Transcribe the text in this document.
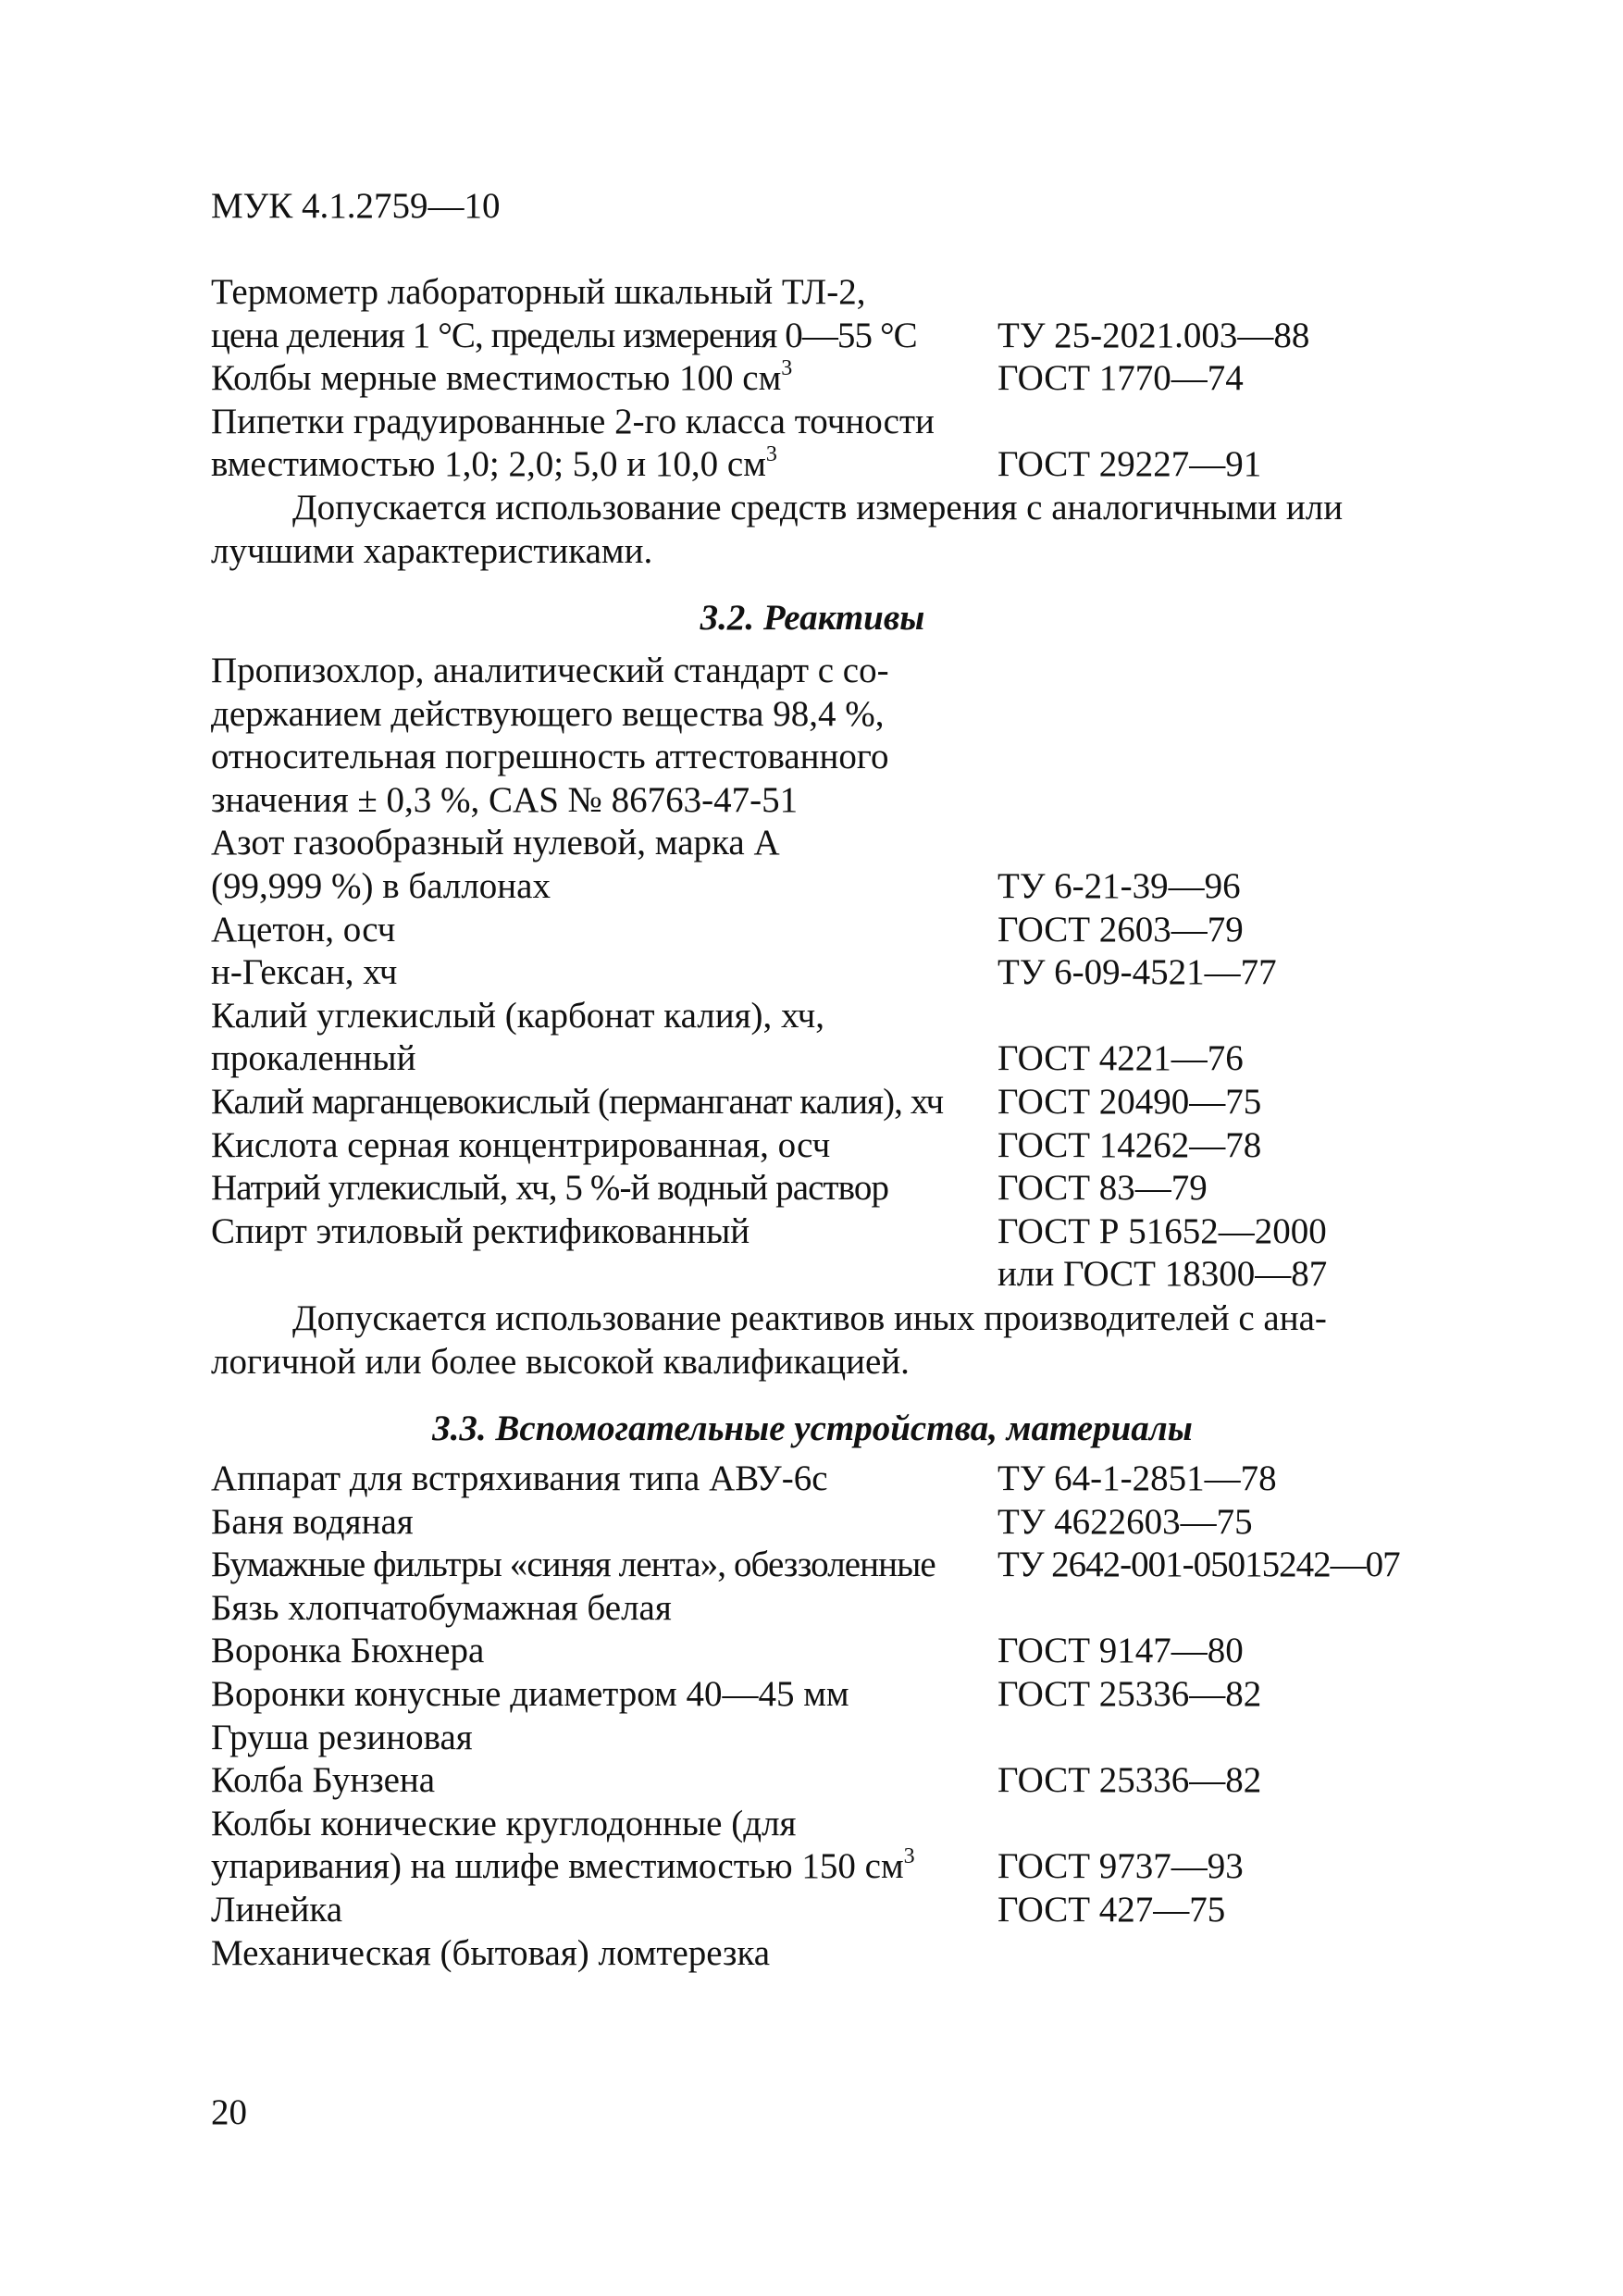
МУК 4.1.2759—10
Термометр лабораторный шкальный ТЛ-2,
цена деления 1 °С, пределы измерения 0—55 °С	ТУ 25-2021.003—88
Колбы мерные вместимостью 100 $см^3$	ГОСТ 1770—74
Пипетки градуированные 2-го класса точности
вместимостью 1,0; 2,0; 5,0 и 10,0 $см^3$	ГОСТ 29227—91
Допускается использование средств измерения с аналогичными или
лучшими характеристиками.
3.2. Реактивы
Пропизохлор, аналитический стандарт с со-
держанием действующего вещества 98,4 %,
относительная погрешность аттестованного
значения ± 0,3 %, CAS № 86763-47-51
Азот газообразный нулевой, марка А
(99,999 %) в баллонах	ТУ 6-21-39—96
Ацетон, осч	ГОСТ 2603—79
н-Гексан, хч	ТУ 6-09-4521—77
Калий углекислый (карбонат калия), хч,
прокаленный	ГОСТ 4221—76
Калий марганцевокислый (перманганат калия), хч	ГОСТ 20490—75
Кислота серная концентрированная, осч	ГОСТ 14262—78
Натрий углекислый, хч, 5 %-й водный раствор	ГОСТ 83—79
Спирт этиловый ректификованный	ГОСТ Р 51652—2000
или ГОСТ 18300—87
Допускается использование реактивов иных производителей с ана-
логичной или более высокой квалификацией.
3.3. Вспомогательные устройства, материалы
Аппарат для встряхивания типа АВУ-6с	ТУ 64-1-2851—78
Баня водяная	ТУ 4622603—75
Бумажные фильтры «синяя лента», обеззоленные	ТУ 2642-001-05015242—07
Бязь хлопчатобумажная белая
Воронка Бюхнера	ГОСТ 9147—80
Воронки конусные диаметром 40—45 мм	ГОСТ 25336—82
Груша резиновая
Колба Бунзена	ГОСТ 25336—82
Колбы конические круглодонные (для
упаривания) на шлифе вместимостью 150 $см^3$	ГОСТ 9737—93
Линейка	ГОСТ 427—75
Механическая (бытовая) ломтерезка
20
